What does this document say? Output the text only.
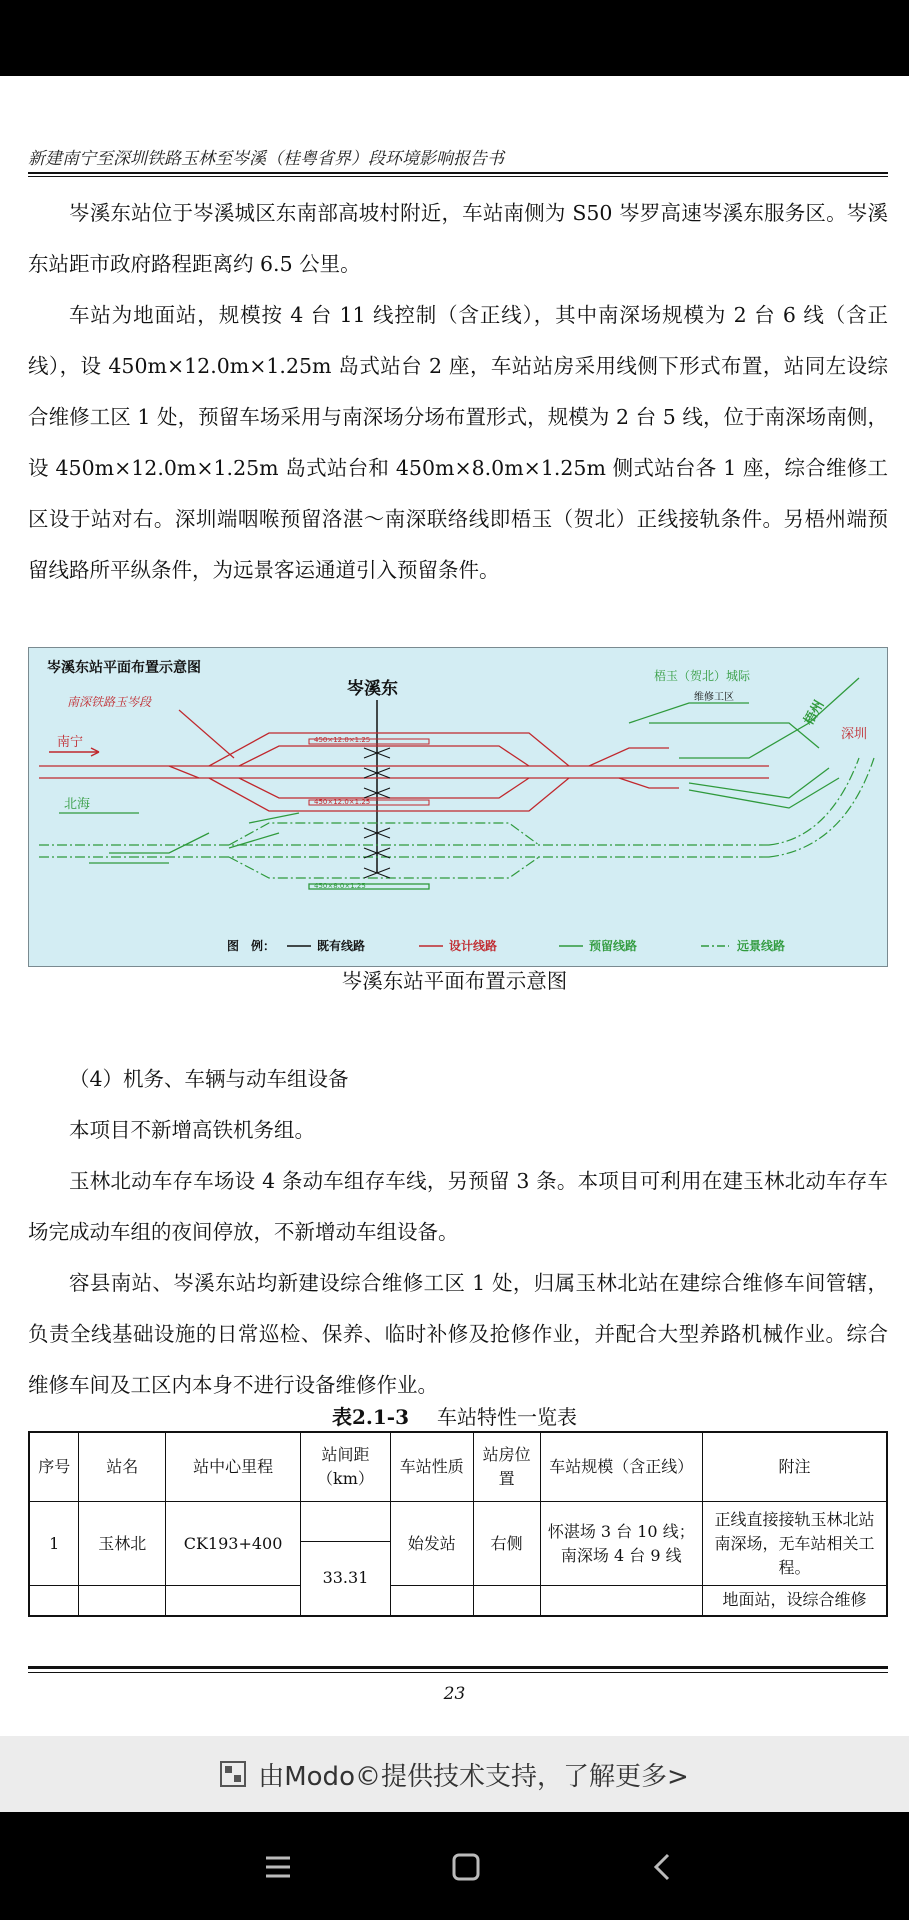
新建南宁至深圳铁路玉林至岑溪（桂粤省界）段环境影响报告书

岑溪东站位于岑溪城区东南部高坡村附近，车站南侧为 S50 岑罗高速岑溪东服务区。岑溪东站距市政府路程距离约 6.5 公里。

车站为地面站，规模按 4 台 11 线控制（含正线），其中南深场规模为 2 台 6 线（含正线），设 450m×12.0m×1.25m 岛式站台 2 座，车站站房采用线侧下形式布置，站同左设综合维修工区 1 处，预留车场采用与南深场分场布置形式，规模为 2 台 5 线，位于南深场南侧，设 450m×12.0m×1.25m 岛式站台和 450m×8.0m×1.25m 侧式站台各 1 座，综合维修工区设于站对右。深圳端咽喉预留洛湛～南深联络线即梧玉（贺北）正线接轨条件。另梧州端预留线路所平纵条件，为远景客运通道引入预留条件。

岑溪东站平面布置示意图
岑溪东
南深铁路玉岑段
南宁	450×12.0×1.25
450×12.0×1.25
梧玉（贺北）城际
维修工区
450×8.0×1.25
北海
梧州
深圳
图　例：	既有线路	设计线路	预留线路	远景线路
岑溪东站平面布置示意图

（4）机务、车辆与动车组设备

本项目不新增高铁机务组。

玉林北动车存车场设 4 条动车组存车线，另预留 3 条。本项目可利用在建玉林北动车存车场完成动车组的夜间停放，不新增动车组设备。

容县南站、岑溪东站均新建设综合维修工区 1 处，归属玉林北站在建综合维修车间管辖，负责全线基础设施的日常巡检、保养、临时补修及抢修作业，并配合大型养路机械作业。综合维修车间及工区内本身不进行设备维修作业。

表2.1-3 车站特性一览表
序号	站名	站中心里程	站间距（km）	车站性质	站房位置	车站规模（含正线）	附注
1	玉林北	CK193+400		始发站	右侧	怀湛场 3 台 10 线；南深场 4 台 9 线	正线直接接轨玉林北站南深场，无车站相关工程。
			33.31				
							地面站，设综合维修
23
由Modo©提供技术支持，了解更多>
